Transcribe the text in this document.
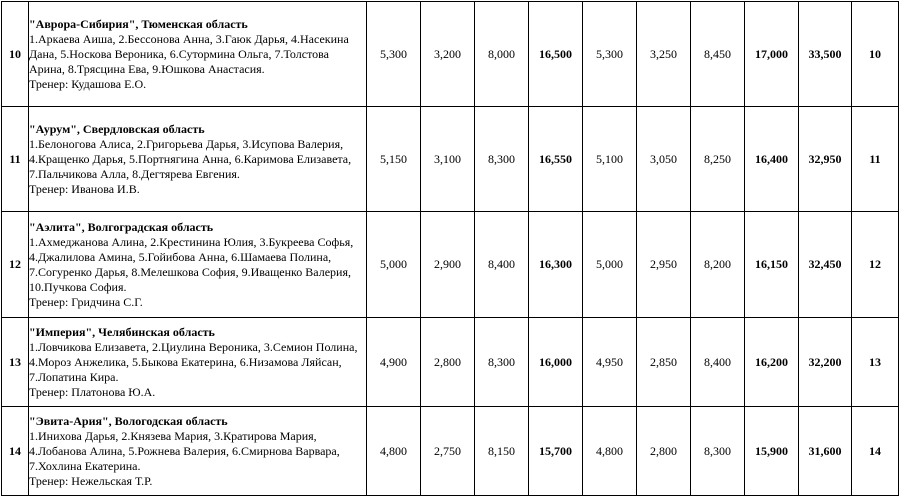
10	"Аврора-Сибирия", Тюменская область
1.Аркаева Аиша, 2.Бессонова Анна, 3.Гаюк Дарья, 4.Насекина Дана, 5.Носкова Вероника, 6.Сутормина Ольга, 7.Толстова Арина, 8.Трясцина Ева, 9.Юшкова Анастасия.
Тренер: Кудашова Е.О.	5,300	3,200	8,000	16,500	5,300	3,250	8,450	17,000	33,500	10
11	"Аурум", Свердловская область
1.Белоногова Алиса, 2.Григорьева Дарья, 3.Исупова Валерия, 4.Кращенко Дарья, 5.Портнягина Анна, 6.Каримова Елизавета, 7.Пальчикова Алла, 8.Дегтярева Евгения.
Тренер: Иванова И.В.	5,150	3,100	8,300	16,550	5,100	3,050	8,250	16,400	32,950	11
12	"Аэлита", Волгоградская область
1.Ахмеджанова Алина, 2.Крестинина Юлия, 3.Букреева Софья, 4.Джалилова Амина, 5.Гойибова Анна, 6.Шамаева Полина, 7.Согуренко Дарья, 8.Мелешкова София, 9.Иващенко Валерия, 10.Пучкова София.
Тренер: Гридчина С.Г.	5,000	2,900	8,400	16,300	5,000	2,950	8,200	16,150	32,450	12
13	"Империя", Челябинская область
1.Ловчикова Елизавета, 2.Циулина Вероника, 3.Семион Полина, 4.Мороз Анжелика, 5.Быкова Екатерина, 6.Низамова Ляйсан, 7.Лопатина Кира.
Тренер: Платонова Ю.А.	4,900	2,800	8,300	16,000	4,950	2,850	8,400	16,200	32,200	13
14	"Эвита-Ария", Вологодская область
1.Инихова Дарья, 2.Князева Мария, 3.Кратирова Мария, 4.Лобанова Алина, 5.Рожнева Валерия, 6.Смирнова Варвара, 7.Хохлина Екатерина.
Тренер: Нежельская Т.Р.	4,800	2,750	8,150	15,700	4,800	2,800	8,300	15,900	31,600	14
